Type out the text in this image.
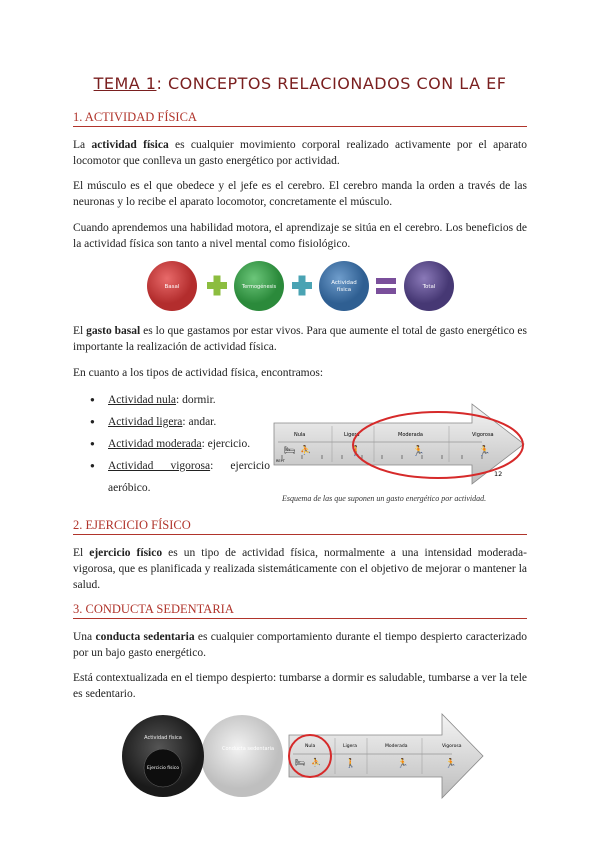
TEMA 1: CONCEPTOS RELACIONADOS CON LA EF
1. ACTIVIDAD FÍSICA

La actividad física es cualquier movimiento corporal realizado activamente por el aparato locomotor que conlleva un gasto energético por actividad.

El músculo es el que obedece y el jefe es el cerebro. El cerebro manda la orden a través de las neuronas y lo recibe el aparato locomotor, concretamente el músculo.

Cuando aprendemos una habilidad motora, el aprendizaje se sitúa en el cerebro. Los beneficios de la actividad física son tanto a nivel mental como fisiológico.

Basal	Termogénesis
Actividad
física	Total

El gasto basal es lo que gastamos por estar vivos. Para que aumente el total de gasto energético es importante la realización de actividad física.

En cuanto a los tipos de actividad física, encontramos:

● Actividad nula: dormir.
● Actividad ligera: andar.
● Actividad moderada: ejercicio.
● Actividad vigorosa: ejercicio aeróbico.
Nula	Ligera	Moderada	Vigorosa
🛏 ⛹	🚶	🏃	🏃
REPT
12
Esquema de las que suponen un gasto energético por actividad.
2. EJERCICIO FÍSICO

El ejercicio físico es un tipo de actividad física, normalmente a una intensidad moderada-vigorosa, que es planificada y realizada sistemáticamente con el objetivo de mejorar o mantener la salud.

3. CONDUCTA SEDENTARIA

Una conducta sedentaria es cualquier comportamiento durante el tiempo despierto caracterizado por un bajo gasto energético.

Está contextualizada en el tiempo despierto: tumbarse a dormir es saludable, tumbarse a ver la tele es sedentario.

Actividad física
Ejercicio físico
Conducta sedentaria	Nula	Ligera	Moderada	Vigorosa
🛏 ⛹	🚶	🏃	🏃
